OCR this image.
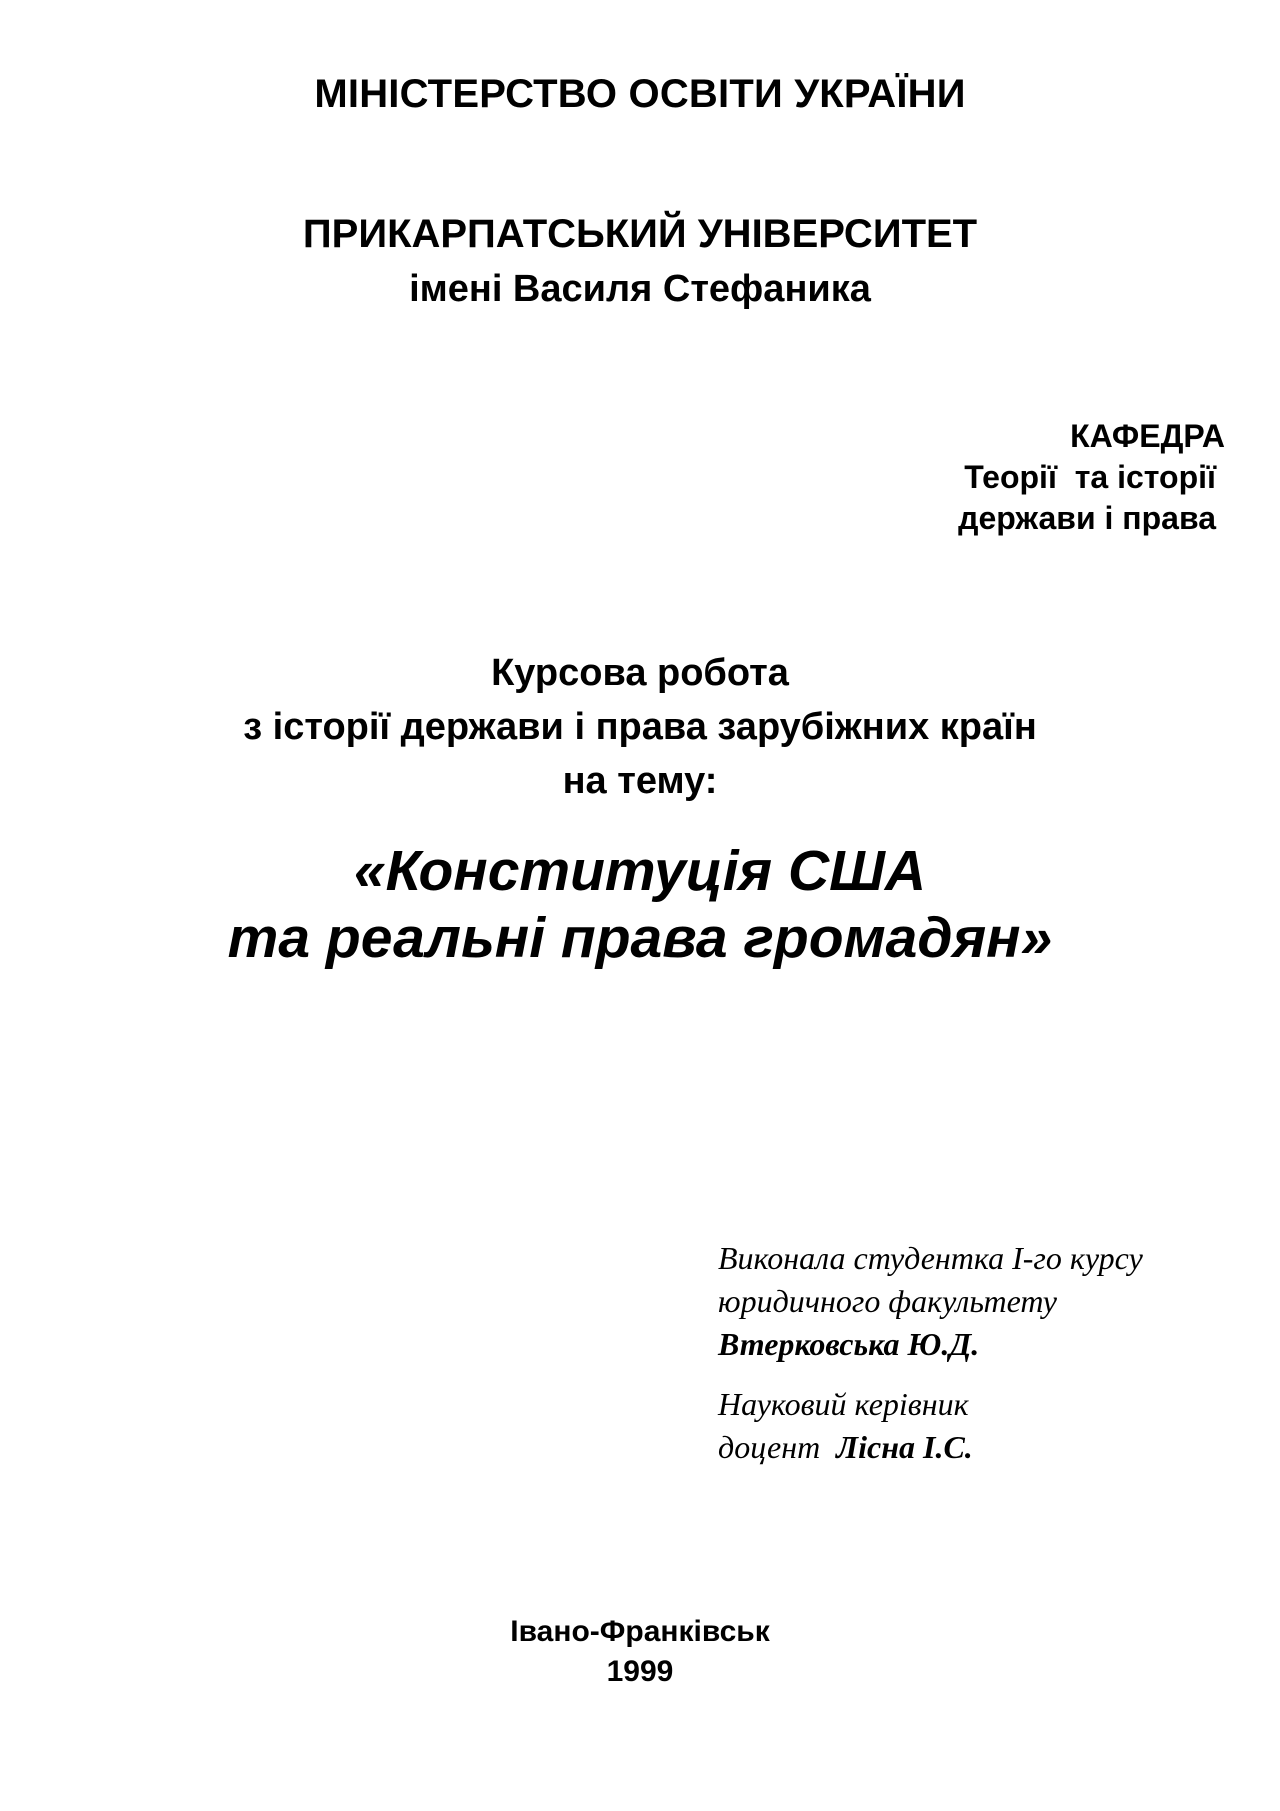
МІНІСТЕРСТВО ОСВІТИ УКРАЇНИ

ПРИКАРПАТСЬКИЙ УНІВЕРСИТЕТ

імені Василя Стефаника

КАФЕДРА

Теорії  та історії

держави і права

Курсова робота

з історії держави і права зарубіжних країн

на тему:

«Конституція США

та реальні права громадян»

Виконала студентка І-го курсу

юридичного факультету

Втерковська Ю.Д.

Науковий керівник

доцент  Лісна І.С.

Івано-Франківськ

1999
